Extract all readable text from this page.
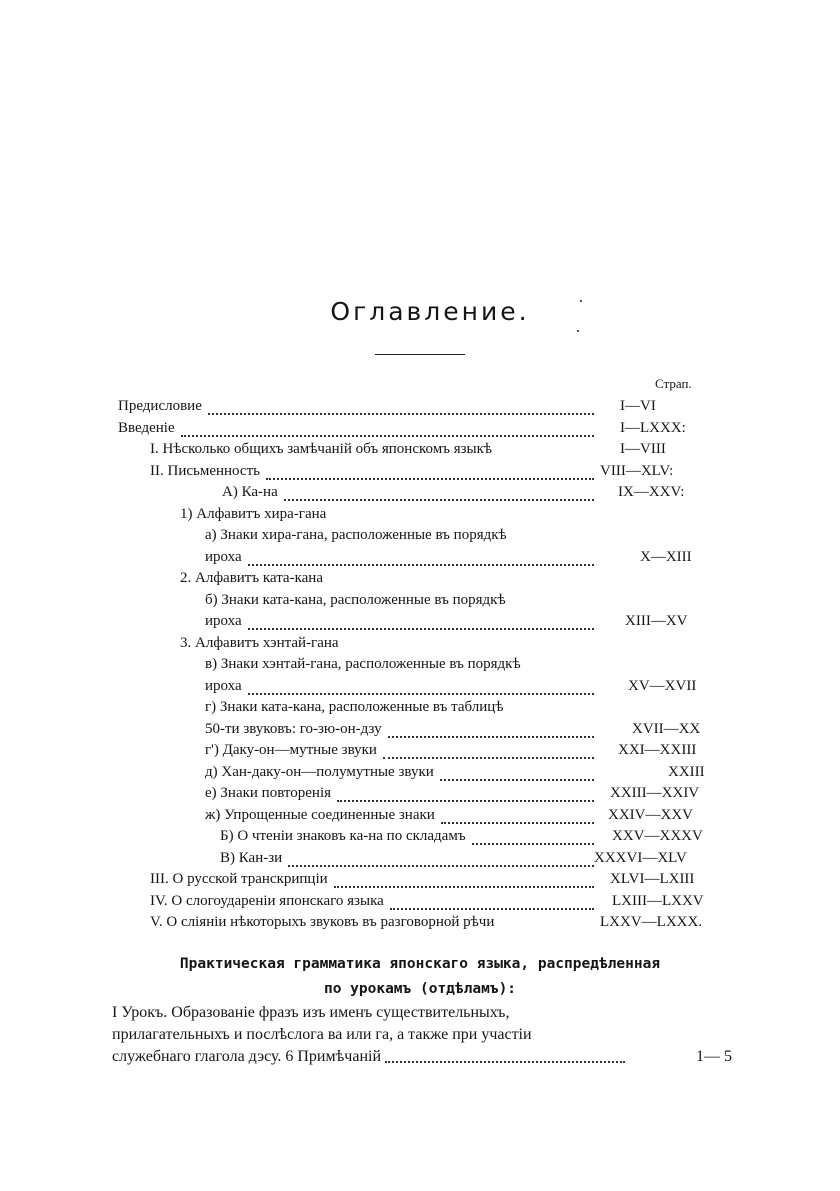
Оглавление.
Страп.
Предисловие	I—VI
Введеніе	I—LXXX:
I. Нѣсколько общихъ замѣчаній объ японскомъ языкѣ	I—VIII
II. Письменность	VIII—XLV:
А) Ка-на	IX—XXV:
1) Алфавитъ хира-гана
а) Знаки хира-гана, расположенные въ порядкѣ
ироха	X—XIII
2. Алфавитъ ката-кана
б) Знаки ката-кана, расположенные въ порядкѣ
ироха	XIII—XV
3. Алфавитъ хэнтай-гана
в) Знаки хэнтай-гана, расположенные въ порядкѣ
ироха	XV—XVII
г) Знаки ката-кана, расположенные въ таблицѣ
50-ти звуковъ: го-зю-он-дзу	XVII—XX
г') Даку-он—мутные звуки	XXI—XXIII
д) Хан-даку-он—полумутные звуки	XXIII
е) Знаки повторенія	XXIII—XXIV
ж) Упрощенные соединенные знаки	XXIV—XXV
Б) О чтеніи знаковъ ка-на по складамъ	XXV—XXXV
В) Кан-зи	XXXVI—XLV
III. О русской транскрипціи	XLVI—LXIII
IV. О слогоудареніи японскаго языка	LXIII—LXXV
V. О сліяніи нѣкоторыхъ звуковъ въ разговорной рѣчи	LXXV—LXXX.
Практическая грамматика японскаго языка, распредѣленная
по урокамъ (отдѣламъ):
I Урокъ. Образованіе фразъ изъ именъ существительныхъ,
прилагательныхъ и послѣслога ва или га, а также при участіи
служебнаго глагола дэсу. 6 Примѣчаній	1— 5
